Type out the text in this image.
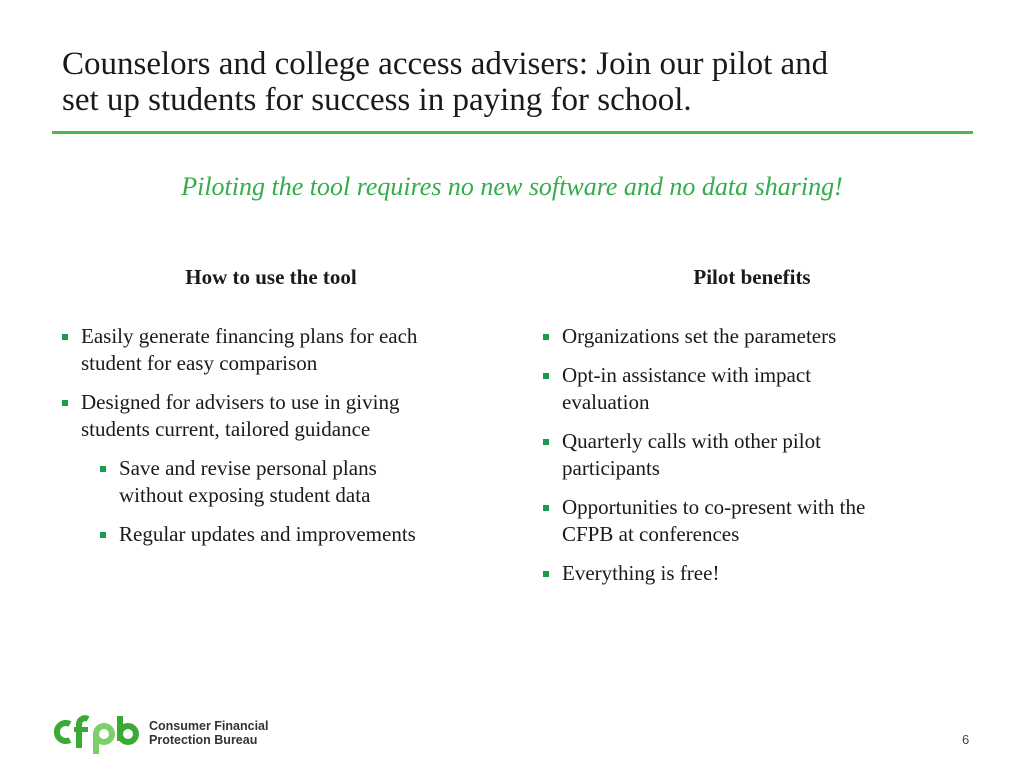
Counselors and college access advisers: Join our pilot and
set up students for success in paying for school.
Piloting the tool requires no new software and no data sharing!
How to use the tool	Pilot benefits
Easily generate financing plans for each
student for easy comparison
Designed for advisers to use in giving
students current, tailored guidance
Save and revise personal plans
without exposing student data
Regular updates and improvements
Organizations set the parameters
Opt-in assistance with impact
evaluation
Quarterly calls with other pilot
participants
Opportunities to co-present with the
CFPB at conferences
Everything is free!
Consumer Financial
Protection Bureau	6
